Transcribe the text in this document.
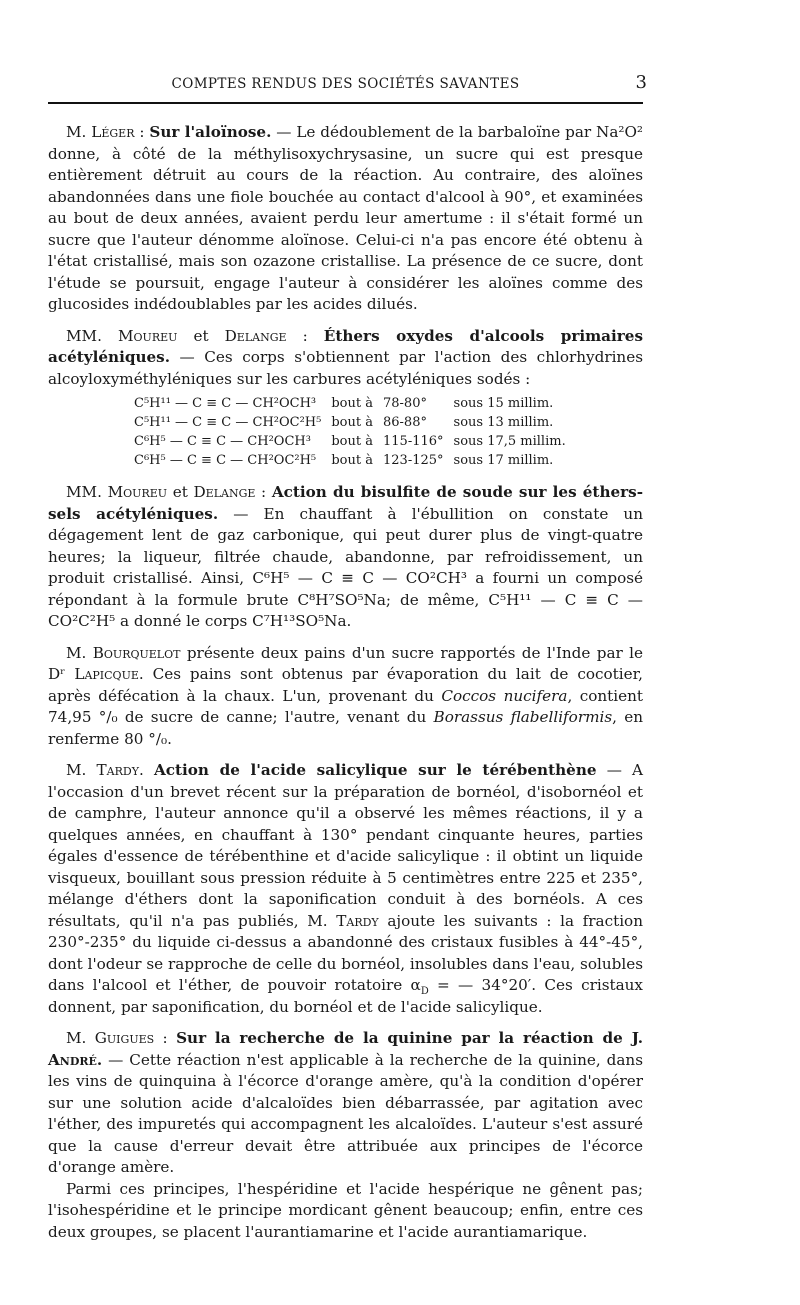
COMPTES RENDUS DES SOCIÉTÉS SAVANTES	3

M. Léger : Sur l'aloïnose. — Le dédoublement de la barbaloïne par Na²O² donne, à côté de la méthylisoxychrysasine, un sucre qui est presque entièrement détruit au cours de la réaction. Au contraire, des aloïnes abandonnées dans une fiole bouchée au contact d'alcool à 90°, et examinées au bout de deux années, avaient perdu leur amertume : il s'était formé un sucre que l'auteur dénomme aloïnose. Celui-ci n'a pas encore été obtenu à l'état cristallisé, mais son ozazone cristallise. La présence de ce sucre, dont l'étude se poursuit, engage l'auteur à considérer les aloïnes comme des glucosides indédoublables par les acides dilués.

MM. Moureu et Delange : Éthers oxydes d'alcools primaires acétyléniques. — Ces corps s'obtiennent par l'action des chlorhydrines alcoyloxyméthyléniques sur les carbures acétyléniques sodés :

C⁵H¹¹ — C ≡ C — CH²OCH³	bout à	78-80°	sous 15 millim.
C⁵H¹¹ — C ≡ C — CH²OC²H⁵	bout à	86-88°	sous 13 millim.
C⁶H⁵ — C ≡ C — CH²OCH³	bout à	115-116°	sous 17,5 millim.
C⁶H⁵ — C ≡ C — CH²OC²H⁵	bout à	123-125°	sous 17 millim.

MM. Moureu et Delange : Action du bisulfite de soude sur les éthers-sels acétyléniques. — En chauffant à l'ébullition on constate un dégagement lent de gaz carbonique, qui peut durer plus de vingt-quatre heures; la liqueur, filtrée chaude, abandonne, par refroidissement, un produit cristallisé. Ainsi, C⁶H⁵ — C ≡ C — CO²CH³ a fourni un composé répondant à la formule brute C⁸H⁷SO⁵Na; de même, C⁵H¹¹ — C ≡ C — CO²C²H⁵ a donné le corps C⁷H¹³SO⁵Na.

M. Bourquelot présente deux pains d'un sucre rapportés de l'Inde par le Dʳ Lapicque. Ces pains sont obtenus par évaporation du lait de cocotier, après défécation à la chaux. L'un, provenant du Coccos nucifera, contient 74,95 °/₀ de sucre de canne; l'autre, venant du Borassus flabelliformis, en renferme 80 °/₀.

M. Tardy. Action de l'acide salicylique sur le térébenthène — A l'occasion d'un brevet récent sur la préparation de bornéol, d'isobornéol et de camphre, l'auteur annonce qu'il a observé les mêmes réactions, il y a quelques années, en chauffant à 130° pendant cinquante heures, parties égales d'essence de térébenthine et d'acide salicylique : il obtint un liquide visqueux, bouillant sous pression réduite à 5 centimètres entre 225 et 235°, mélange d'éthers dont la saponification conduit à des bornéols. A ces résultats, qu'il n'a pas publiés, M. Tardy ajoute les suivants : la fraction 230°-235° du liquide ci-dessus a abandonné des cristaux fusibles à 44°-45°, dont l'odeur se rapproche de celle du bornéol, insolubles dans l'eau, solubles dans l'alcool et l'éther, de pouvoir rotatoire $\alpha_D$ = — 34°20′. Ces cristaux donnent, par saponification, du bornéol et de l'acide salicylique.

M. Guigues : Sur la recherche de la quinine par la réaction de J. André. — Cette réaction n'est applicable à la recherche de la quinine, dans les vins de quinquina à l'écorce d'orange amère, qu'à la condition d'opérer sur une solution acide d'alcaloïdes bien débarrassée, par agitation avec l'éther, des impuretés qui accompagnent les alcaloïdes. L'auteur s'est assuré que la cause d'erreur devait être attribuée aux principes de l'écorce d'orange amère.

Parmi ces principes, l'hespéridine et l'acide hespérique ne gênent pas; l'isohespéridine et le principe mordicant gênent beaucoup; enfin, entre ces deux groupes, se placent l'aurantiamarine et l'acide aurantiamarique.
